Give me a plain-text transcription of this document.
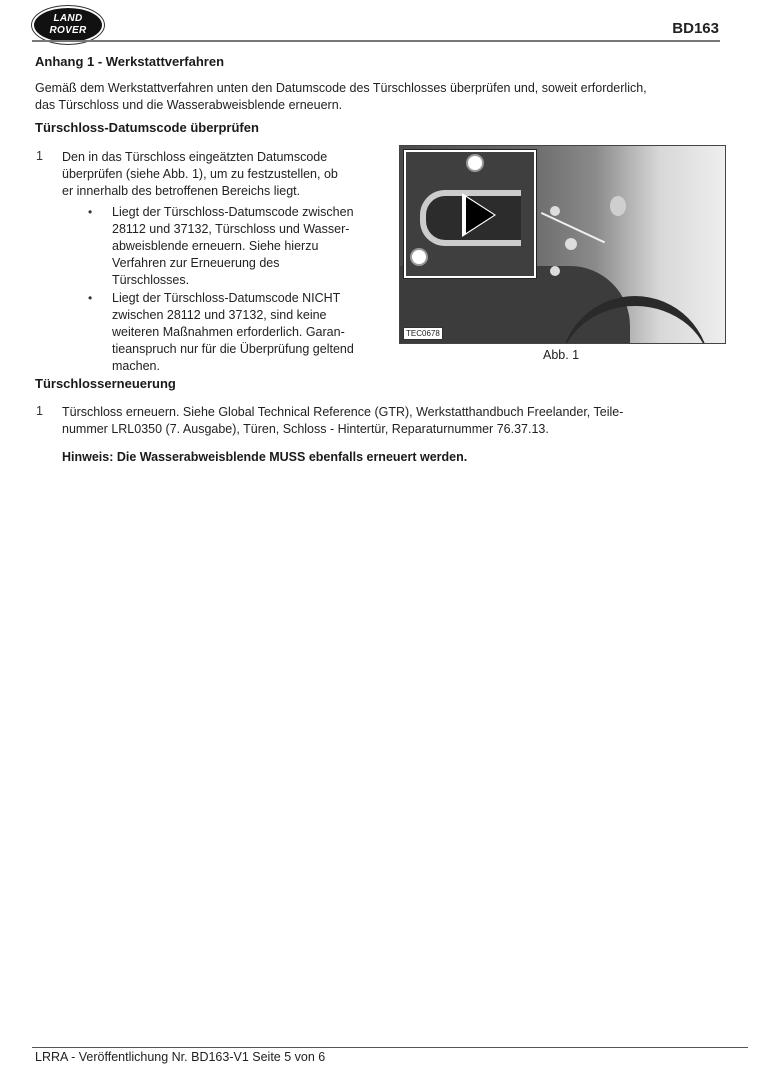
LAND
ROVER	BD163
Anhang 1 - Werkstattverfahren
Gemäß dem Werkstattverfahren unten den Datumscode des Türschlosses überprüfen und, soweit erforderlich,
das Türschloss und die Wasserabweisblende erneuern.
Türschloss-Datumscode überprüfen
1 Den in das Türschloss eingeätzten Datumscode
überprüfen (siehe Abb. 1), um zu festzustellen, ob
er innerhalb des betroffenen Bereichs liegt.
• Liegt der Türschloss-Datumscode zwischen
28112 und 37132, Türschloss und Wasser-
abweisblende erneuern. Siehe hierzu
Verfahren zur Erneuerung des
Türschlosses.
• Liegt der Türschloss-Datumscode NICHT
zwischen 28112 und 37132, sind keine
weiteren Maßnahmen erforderlich. Garan-
tieanspruch nur für die Überprüfung geltend
machen.
TEC0678
Abb. 1
Türschlosserneuerung
1 Türschloss erneuern. Siehe Global Technical Reference (GTR), Werkstatthandbuch Freelander, Teile-
nummer LRL0350 (7. Ausgabe), Türen, Schloss - Hintertür, Reparaturnummer 76.37.13.
Hinweis: Die Wasserabweisblende MUSS ebenfalls erneuert werden.
LRRA - Veröffentlichung Nr. BD163-V1 Seite 5 von 6
